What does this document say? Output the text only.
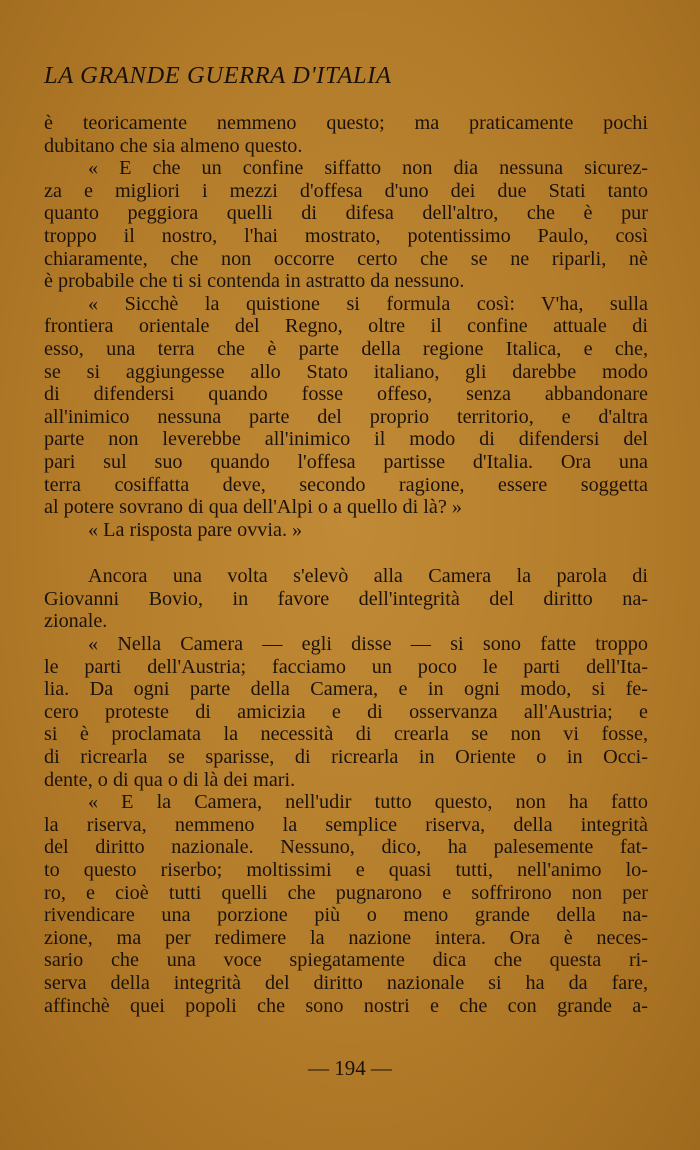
LA GRANDE GUERRA D'ITALIA
è teoricamente nemmeno questo; ma praticamente pochi
dubitano che sia almeno questo.
« E che un confine siffatto non dia nessuna sicurez-
za e migliori i mezzi d'offesa d'uno dei due Stati tanto
quanto peggiora quelli di difesa dell'altro, che è pur
troppo il nostro, l'hai mostrato, potentissimo Paulo, così
chiaramente, che non occorre certo che se ne riparli, nè
è probabile che ti si contenda in astratto da nessuno.
« Sicchè la quistione si formula così: V'ha, sulla
frontiera orientale del Regno, oltre il confine attuale di
esso, una terra che è parte della regione Italica, e che,
se si aggiungesse allo Stato italiano, gli darebbe modo
di difendersi quando fosse offeso, senza abbandonare
all'inimico nessuna parte del proprio territorio, e d'altra
parte non leverebbe all'inimico il modo di difendersi del
pari sul suo quando l'offesa partisse d'Italia. Ora una
terra cosiffatta deve, secondo ragione, essere soggetta
al potere sovrano di qua dell'Alpi o a quello di là? »
« La risposta pare ovvia. »
Ancora una volta s'elevò alla Camera la parola di
Giovanni Bovio, in favore dell'integrità del diritto na-
zionale.
« Nella Camera — egli disse — si sono fatte troppo
le parti dell'Austria; facciamo un poco le parti dell'Ita-
lia. Da ogni parte della Camera, e in ogni modo, si fe-
cero proteste di amicizia e di osservanza all'Austria; e
si è proclamata la necessità di crearla se non vi fosse,
di ricrearla se sparisse, di ricrearla in Oriente o in Occi-
dente, o di qua o di là dei mari.
« E la Camera, nell'udir tutto questo, non ha fatto
la riserva, nemmeno la semplice riserva, della integrità
del diritto nazionale. Nessuno, dico, ha palesemente fat-
to questo riserbo; moltissimi e quasi tutti, nell'animo lo-
ro, e cioè tutti quelli che pugnarono e soffrirono non per
rivendicare una porzione più o meno grande della na-
zione, ma per redimere la nazione intera. Ora è neces-
sario che una voce spiegatamente dica che questa ri-
serva della integrità del diritto nazionale si ha da fare,
affinchè quei popoli che sono nostri e che con grande a-
— 194 —
